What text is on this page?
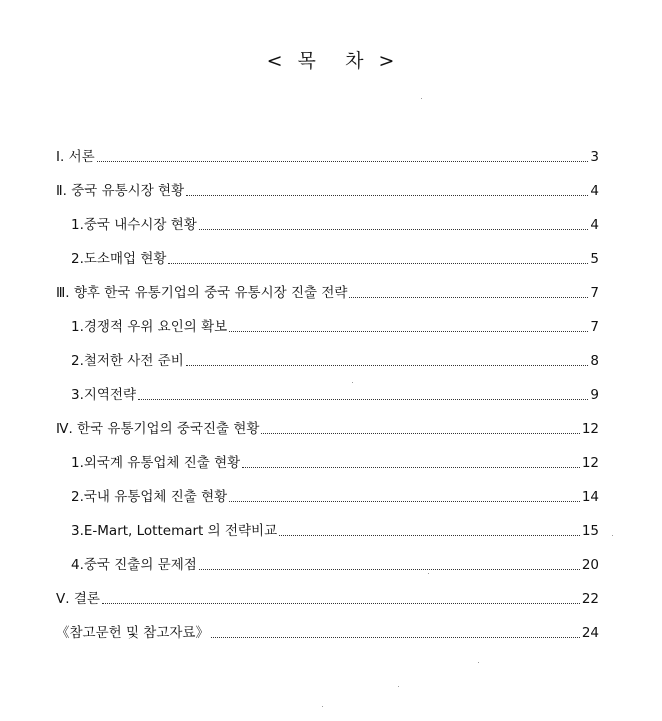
<  목    차  >
Ⅰ. 서론	3
Ⅱ. 중국 유통시장 현황	4
1.중국 내수시장 현황	4
2.도소매업 현황	5
Ⅲ. 향후 한국 유통기업의 중국 유통시장 진출 전략	7
1.경쟁적 우위 요인의 확보	7
2.철저한 사전 준비	8
3.지역전략	9
Ⅳ. 한국 유통기업의 중국진출 현황	12
1.외국계 유통업체 진출 현황	12
2.국내 유통업체 진출 현황	14
3.E-Mart, Lottemart 의 전략비교	15
4.중국 진출의 문제점	20
Ⅴ. 결론	22
《참고문헌 및 참고자료》	24
